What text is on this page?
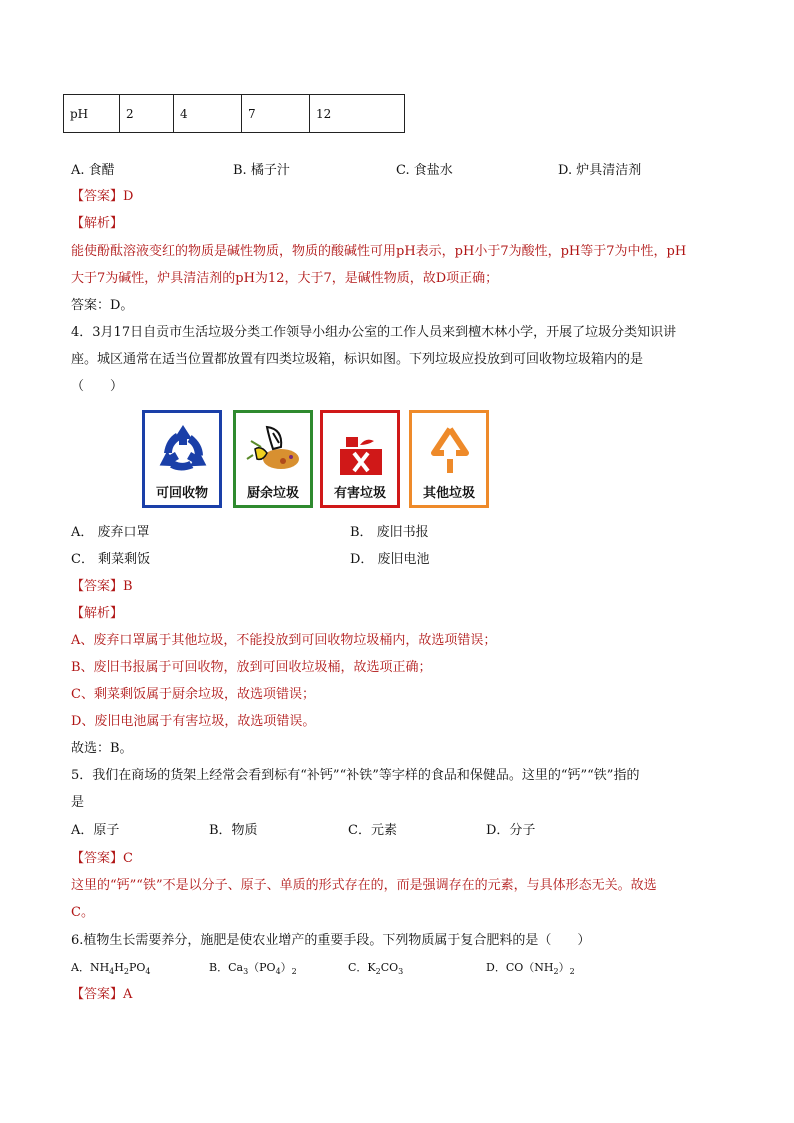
pH	2	4	7	12
A. 食醋	B. 橘子汁	C. 食盐水	D. 炉具清洁剂
【答案】D
【解析】
能使酚酞溶液变红的物质是碱性物质，物质的酸碱性可用pH表示，pH小于7为酸性，pH等于7为中性，pH
大于7为碱性，炉具清洁剂的pH为12，大于7，是碱性物质，故D项正确；
答案：D。
4．3月17日自贡市生活垃圾分类工作领导小组办公室的工作人员来到檀木林小学，开展了垃圾分类知识讲
座。城区通常在适当位置都放置有四类垃圾箱，标识如图。下列垃圾应投放到可回收物垃圾箱内的是
（　　）
可回收物	厨余垃圾	有害垃圾	其他垃圾
A． 废弃口罩	B． 废旧书报
C． 剩菜剩饭	D． 废旧电池
【答案】B
【解析】
A、废弃口罩属于其他垃圾，不能投放到可回收物垃圾桶内，故选项错误；
B、废旧书报属于可回收物，放到可回收垃圾桶，故选项正确；
C、剩菜剩饭属于厨余垃圾，故选项错误；
D、废旧电池属于有害垃圾，故选项错误。
故选：B。
5．我们在商场的货架上经常会看到标有“补钙”“补铁”等字样的食品和保健品。这里的“钙”“铁”指的
是
A．原子	B．物质	C．元素	D．分子
【答案】C
这里的“钙”“铁”不是以分子、原子、单质的形式存在的，而是强调存在的元素，与具体形态无关。故选
C。
6.植物生长需要养分，施肥是使农业增产的重要手段。下列物质属于复合肥料的是（　　）
A．$NH_4H_2PO_4$	B．$Ca_3(PO_4)_2$	C．$K_2CO_3$	D．$CO(NH_2)_2$
【答案】A
